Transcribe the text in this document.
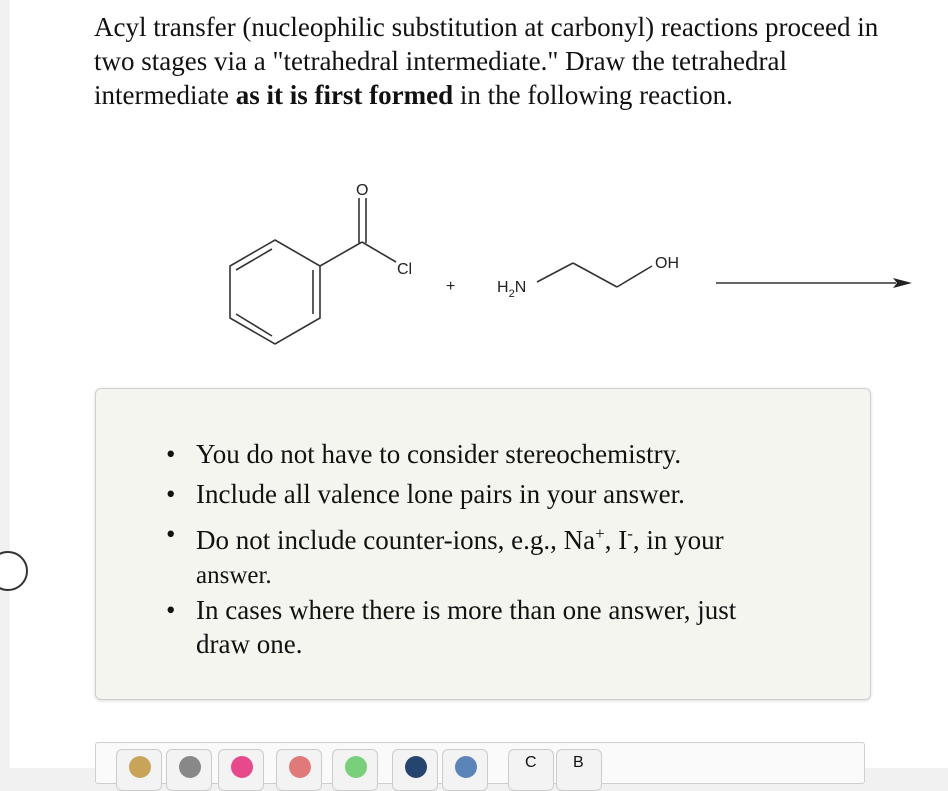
Acyl transfer (nucleophilic substitution at carbonyl) reactions proceed in two stages via a "tetrahedral intermediate." Draw the tetrahedral intermediate as it is first formed in the following reaction.

O
Cl
+	$H_2N$
OH
• You do not have to consider stereochemistry.
• Include all valence lone pairs in your answer.
• Do not include counter-ions, e.g., Na+, I-, in your
answer.
• In cases where there is more than one answer, just draw one.
C B
